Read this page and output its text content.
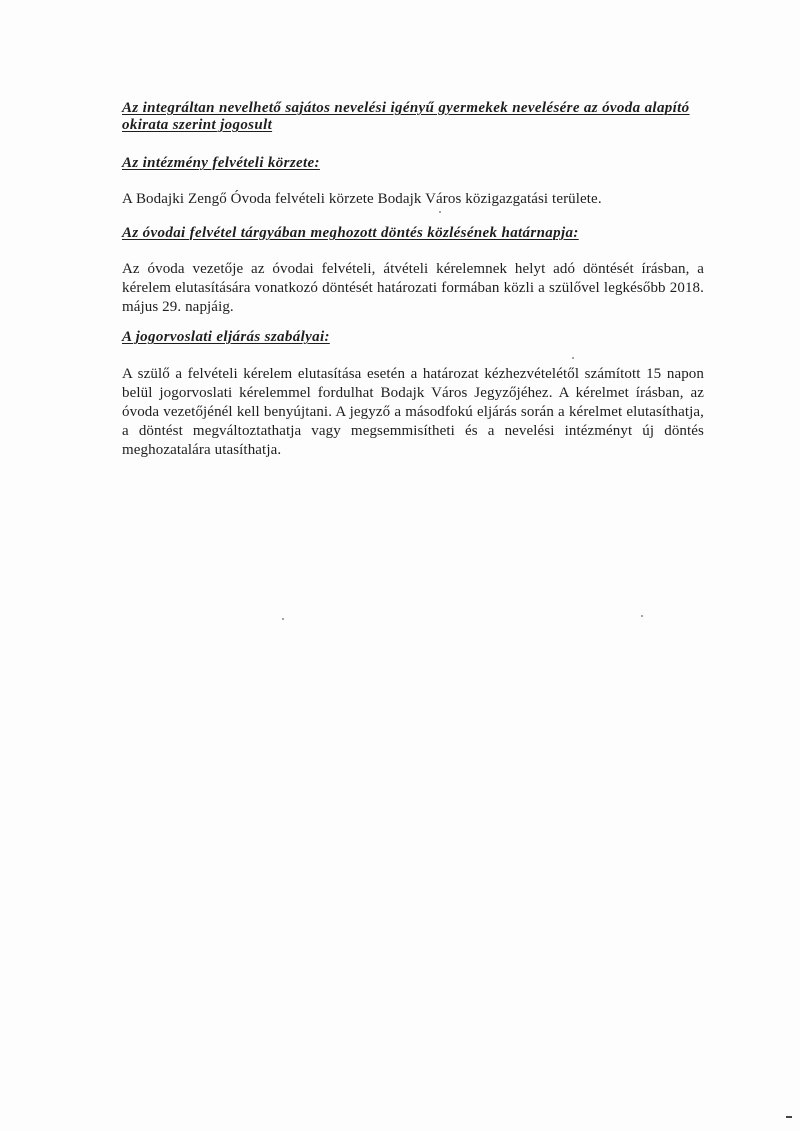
Az integráltan nevelhető sajátos nevelési igényű gyermekek nevelésére az óvoda alapító okirata szerint jogosult

Az intézmény felvételi körzete:

A Bodajki Zengő Óvoda felvételi körzete Bodajk Város közigazgatási területe.

Az óvodai felvétel tárgyában meghozott döntés közlésének határnapja:

Az óvoda vezetője az óvodai felvételi, átvételi kérelemnek helyt adó döntését írásban, a kérelem elutasítására vonatkozó döntését határozati formában közli a szülővel legkésőbb 2018. május 29. napjáig.

A jogorvoslati eljárás szabályai:

A szülő a felvételi kérelem elutasítása esetén a határozat kézhezvételétől számított 15 napon belül jogorvoslati kérelemmel fordulhat Bodajk Város Jegyzőjéhez. A kérelmet írásban, az óvoda vezetőjénél kell benyújtani. A jegyző a másodfokú eljárás során a kérelmet elutasíthatja, a döntést megváltoztathatja vagy megsemmisítheti és a nevelési intézményt új döntés meghozatalára utasíthatja.
